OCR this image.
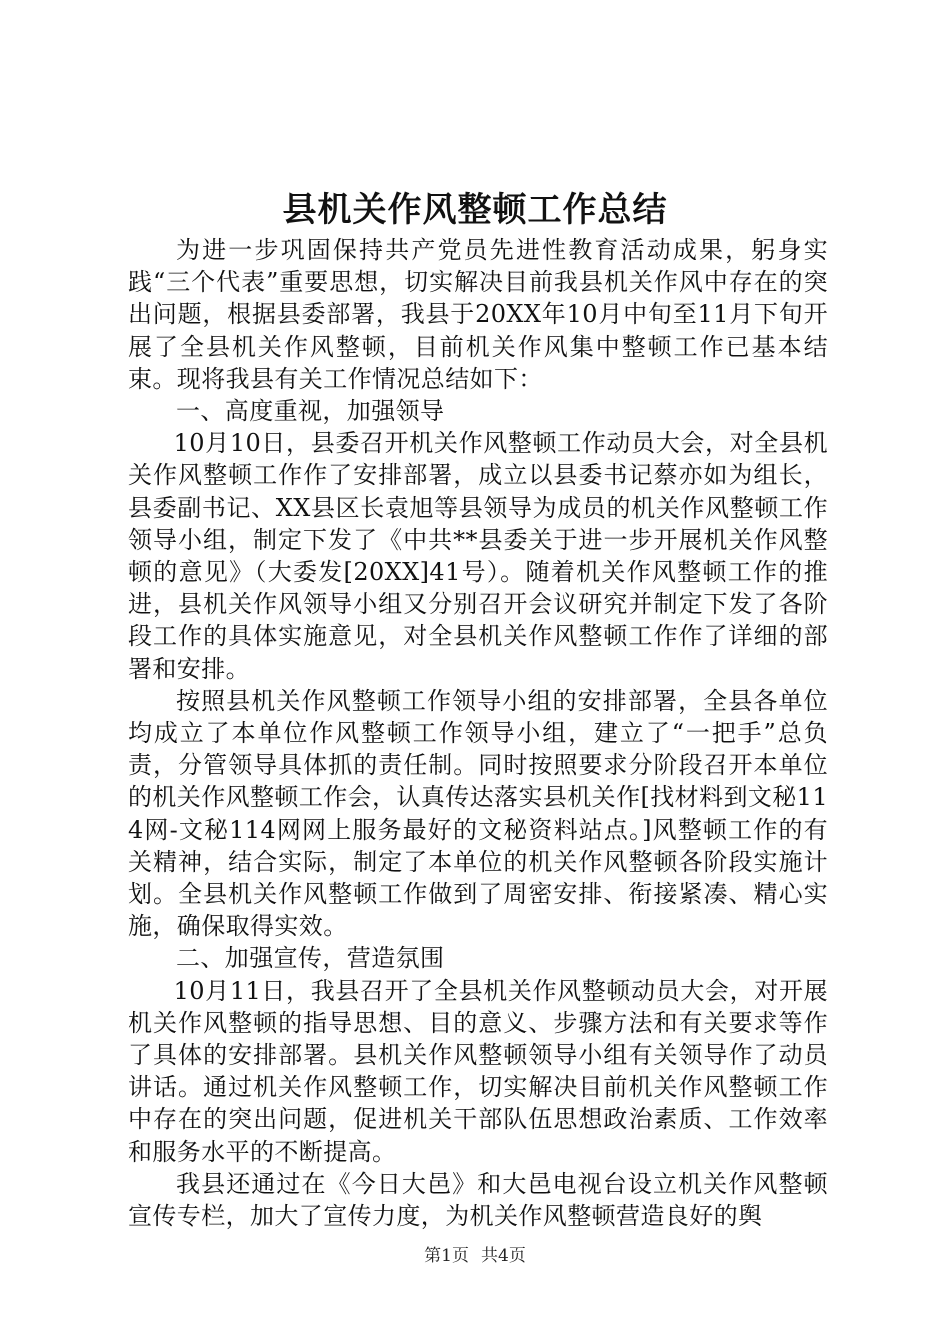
县机关作风整顿工作总结

为进一步巩固保持共产党员先进性教育活动成果，躬身实践“三个代表”重要思想，切实解决目前我县机关作风中存在的突出问题，根据县委部署，我县于20XX年10月中旬至11月下旬开展了全县机关作风整顿，目前机关作风集中整顿工作已基本结束。现将我县有关工作情况总结如下：

一、高度重视，加强领导

10月10日，县委召开机关作风整顿工作动员大会，对全县机关作风整顿工作作了安排部署，成立以县委书记蔡亦如为组长，县委副书记、XX县区长袁旭等县领导为成员的机关作风整顿工作领导小组，制定下发了《中共**县委关于进一步开展机关作风整顿的意见》（大委发[20XX]41号）。随着机关作风整顿工作的推进，县机关作风领导小组又分别召开会议研究并制定下发了各阶段工作的具体实施意见，对全县机关作风整顿工作作了详细的部署和安排。

按照县机关作风整顿工作领导小组的安排部署，全县各单位均成立了本单位作风整顿工作领导小组，建立了“一把手”总负责，分管领导具体抓的责任制。同时按照要求分阶段召开本单位的机关作风整顿工作会，认真传达落实县机关作[找材料到文秘114网-文秘114网网上服务最好的文秘资料站点。]风整顿工作的有关精神，结合实际，制定了本单位的机关作风整顿各阶段实施计划。全县机关作风整顿工作做到了周密安排、衔接紧凑、精心实施，确保取得实效。

二、加强宣传，营造氛围

10月11日，我县召开了全县机关作风整顿动员大会，对开展机关作风整顿的指导思想、目的意义、步骤方法和有关要求等作了具体的安排部署。县机关作风整顿领导小组有关领导作了动员讲话。通过机关作风整顿工作，切实解决目前机关作风整顿工作中存在的突出问题，促进机关干部队伍思想政治素质、工作效率和服务水平的不断提高。

我县还通过在《今日大邑》和大邑电视台设立机关作风整顿宣传专栏，加大了宣传力度，为机关作风整顿营造良好的舆

第1页 共4页
